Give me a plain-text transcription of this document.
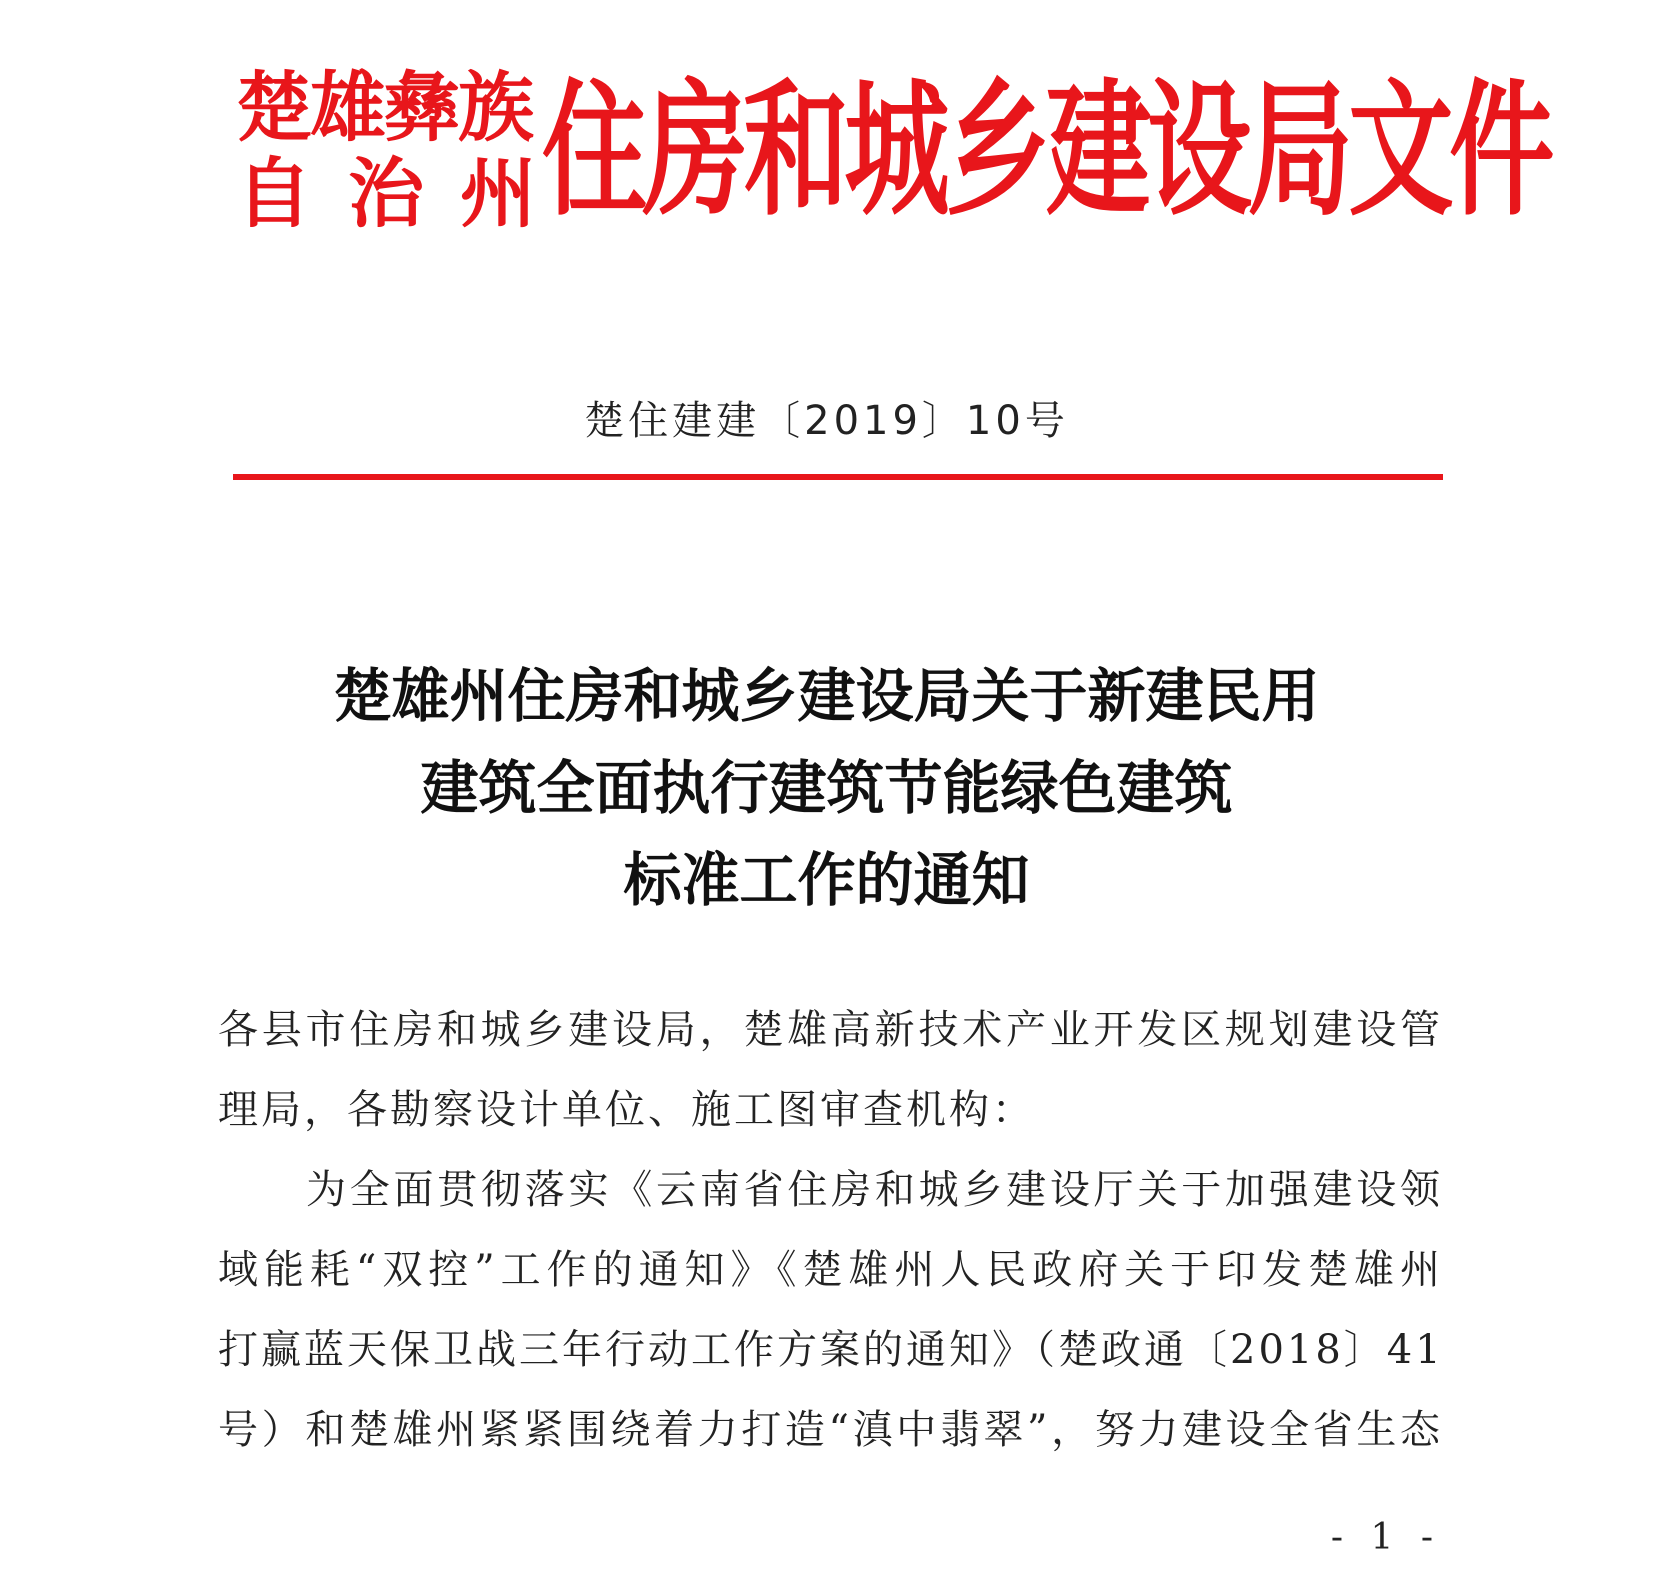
楚雄彝族
自 治 州 住房和城乡建设局文件
楚住建建〔2019〕10号
楚雄州住房和城乡建设局关于新建民用
建筑全面执行建筑节能绿色建筑
标准工作的通知
各县市住房和城乡建设局，楚雄高新技术产业开发区规划建设管
理局，各勘察设计单位、施工图审查机构：
为全面贯彻落实《云南省住房和城乡建设厅关于加强建设领
域能耗“双控”工作的通知》《楚雄州人民政府关于印发楚雄州
打赢蓝天保卫战三年行动工作方案的通知》（楚政通〔2018〕41
号）和楚雄州紧紧围绕着力打造“滇中翡翠”，努力建设全省生态
- 1 -
